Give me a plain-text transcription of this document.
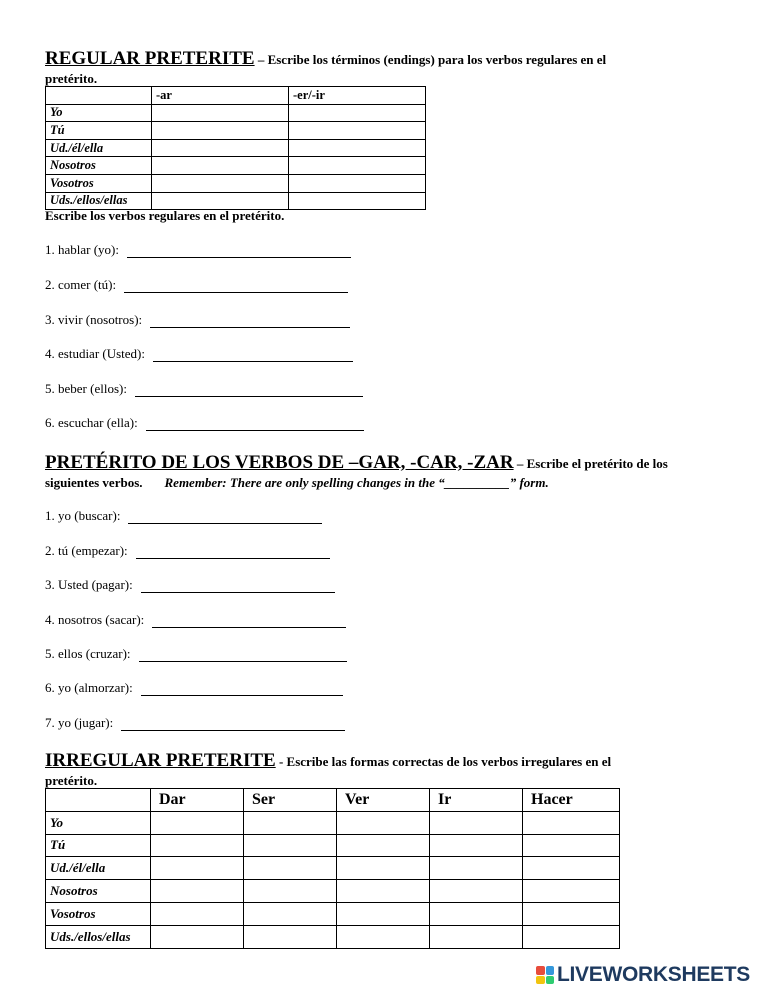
REGULAR PRETERITE – Escribe los términos (endings) para los verbos regulares en el
pretérito.
	-ar	-er/-ir
Yo		
Tú		
Ud./él/ella		
Nosotros		
Vosotros		
Uds./ellos/ellas		
Escribe los verbos regulares en el pretérito.
1. hablar (yo):
2. comer (tú):
3. vivir (nosotros):
4. estudiar (Usted):
5. beber (ellos):
6. escuchar (ella):
PRETÉRITO DE LOS VERBOS DE –GAR, -CAR, -ZAR – Escribe el pretérito de los
siguientes verbos. Remember: There are only spelling changes in the “__________” form.
1. yo (buscar):
2. tú (empezar):
3. Usted (pagar):
4. nosotros (sacar):
5. ellos (cruzar):
6. yo (almorzar):
7. yo (jugar):
IRREGULAR PRETERITE - Escribe las formas correctas de los verbos irregulares en el
pretérito.
	Dar	Ser	Ver	Ir	Hacer
Yo					
Tú					
Ud./él/ella					
Nosotros					
Vosotros					
Uds./ellos/ellas					
LIVEWORKSHEETS
